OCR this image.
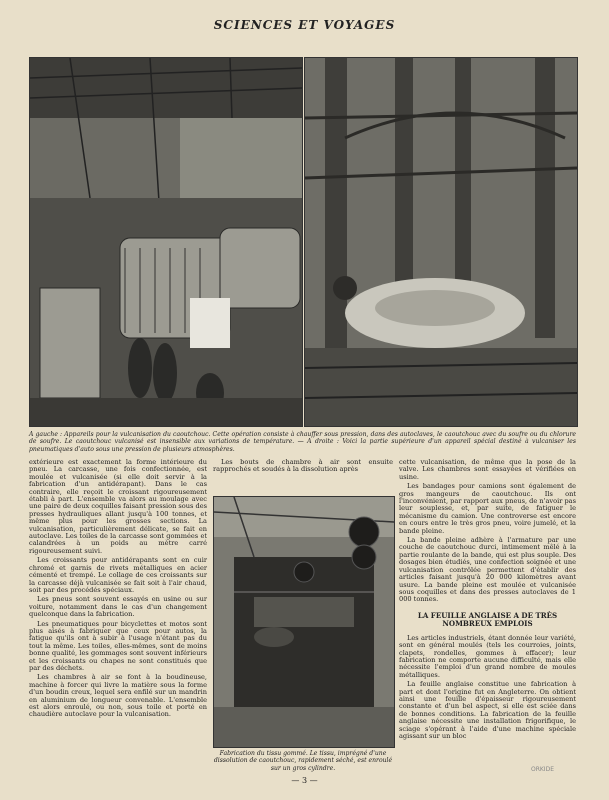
SCIENCES ET VOYAGES
A gauche : Appareils pour la vulcanisation du caoutchouc. Cette opération consiste à chauffer sous pression, dans des autoclaves, le caoutchouc avec du soufre ou du chlorure de soufre. Le caoutchouc vulcanisé est insensible aux variations de température. — A droite : Voici la partie supérieure d'un appareil spécial destiné à vulcaniser les pneumatiques d'auto sous une pression de plusieurs atmosphères.

extérieure est exactement la forme intérieure du pneu. La carcasse, une fois confectionnée, est moulée et vulcanisée (si elle doit servir à la fabrication d'un antidérapant). Dans le cas contraire, elle reçoit le croissant rigoureusement établi à part. L'ensemble va alors au moulage avec une paire de deux coquilles faisant pression sous des presses hydrauliques allant jusqu'à 100 tonnes, et même plus pour les grosses sections. La vulcanisation, particulièrement délicate, se fait en autoclave. Les toiles de la carcasse sont gommées et calandrées à un poids au mètre carré rigoureusement suivi.

Les croissants pour antidérapants sont en cuir chromé et garnis de rivets métalliques en acier cémenté et trempé. Le collage de ces croissants sur la carcasse déjà vulcanisée se fait soit à l'air chaud, soit par des procédés spéciaux.

Les pneus sont souvent essayés en usine ou sur voiture, notamment dans le cas d'un changement quelconque dans la fabrication.

Les pneumatiques pour bicyclettes et motos sont plus aisés à fabriquer que ceux pour autos, la fatigue qu'ils ont à subir à l'usage n'étant pas du tout la même. Les toiles, elles-mêmes, sont de moins bonne qualité, les gommages sont souvent inférieurs et les croissants ou chapes ne sont constitués que par des déchets.

Les chambres à air se font à la boudineuse, machine à forcer qui livre la matière sous la forme d'un boudin creux, lequel sera enfilé sur un mandrin en aluminium de longueur convenable. L'ensemble est alors enroulé, ou non, sous toile et porté en chaudière autoclave pour la vulcanisation.

Les bouts de chambre à air sont ensuite rapprochés et soudés à la dissolution après

Fabrication du tissu gommé. Le tissu, imprégné d'une dissolution de caoutchouc, rapidement séché, est enroulé sur un gros cylindre.

cette vulcanisation, de même que la pose de la valve. Les chambres sont essayées et vérifiées en usine.

Les bandages pour camions sont également de gros mangeurs de caoutchouc. Ils ont l'inconvénient, par rapport aux pneus, de n'avoir pas leur souplesse, et, par suite, de fatiguer le mécanisme du camion. Une controverse est encore en cours entre le très gros pneu, voire jumelé, et la bande pleine.

La bande pleine adhère à l'armature par une couche de caoutchouc durci, intimement mêlé à la partie roulante de la bande, qui est plus souple. Des dosages bien étudiés, une confection soignée et une vulcanisation contrôlée permettent d'établir des articles faisant jusqu'à 20 000 kilomètres avant usure. La bande pleine est moulée et vulcanisée sous coquilles et dans des presses autoclaves de 1 000 tonnes.

LA FEUILLE ANGLAISE A DE TRÈS NOMBREUX EMPLOIS

Les articles industriels, étant donnée leur variété, sont en général moulés (tels les courroies, joints, clapets, rondelles, gommes à effacer); leur fabrication ne comporte aucune difficulté, mais elle nécessite l'emploi d'un grand nombre de moules métalliques.

La feuille anglaise constitue une fabrication à part et dont l'origine fut en Angleterre. On obtient ainsi une feuille d'épaisseur rigoureusement constante et d'un bel aspect, si elle est sciée dans de bonnes conditions. La fabrication de la feuille anglaise nécessite une installation frigorifique, le sciage s'opérant à l'aide d'une machine spéciale agissant sur un bloc

— 3 —
ORKIDE
